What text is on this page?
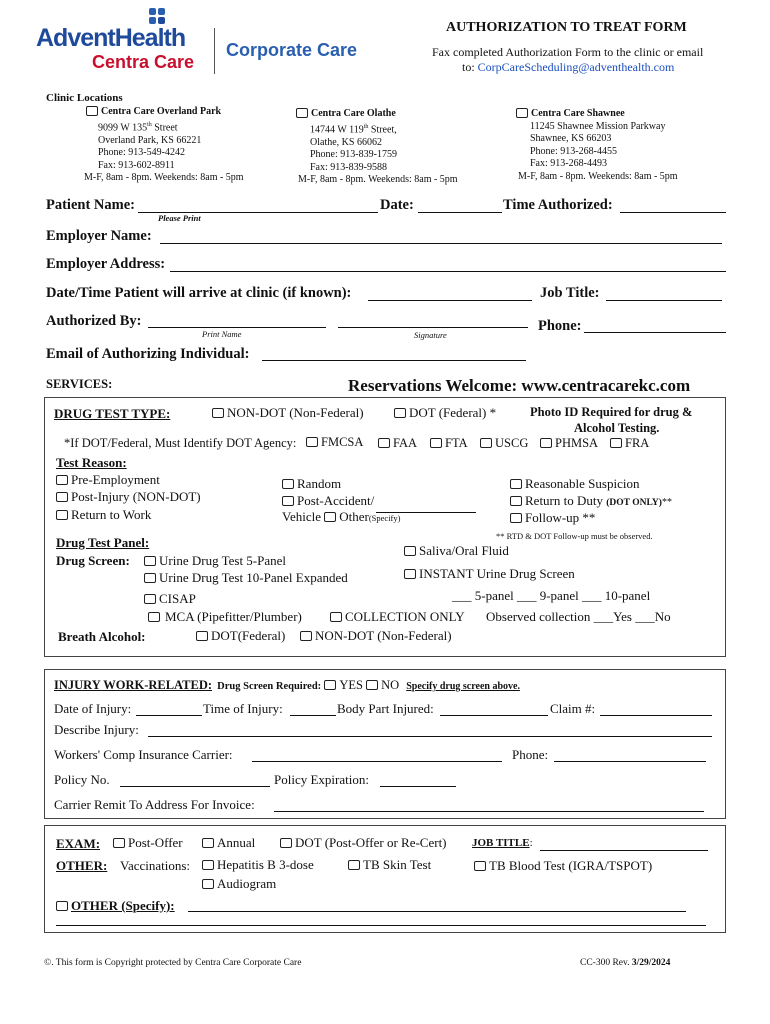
AdventHealth
Centra Care
Corporate Care
AUTHORIZATION TO TREAT FORM
Fax completed Authorization Form to the clinic or email
to: CorpCareScheduling@adventhealth.com
Clinic Locations
Centra Care Overland Park
9099 W 135th Street
Overland Park, KS 66221
Phone: 913-549-4242
Fax: 913-602-8911
M-F, 8am - 8pm. Weekends: 8am - 5pm
Centra Care Olathe
14744 W 119th Street,
Olathe, KS 66062
Phone: 913-839-1759
Fax: 913-839-9588
M-F, 8am - 8pm. Weekends: 8am - 5pm
Centra Care Shawnee
11245 Shawnee Mission Parkway
Shawnee, KS 66203
Phone: 913-268-4455
Fax: 913-268-4493
M-F, 8am - 8pm. Weekends: 8am - 5pm
Patient Name:
Please Print
Date:	Time Authorized:
Employer Name:
Employer Address:
Date/Time Patient will arrive at clinic (if known):	Job Title:
Authorized By:
Print Name	Signature
Phone:
Email of Authorizing Individual:
SERVICES:	Reservations Welcome: www.centracarekc.com
DRUG TEST TYPE:	NON-DOT (Non-Federal)	DOT (Federal) *	Photo ID Required for drug &
Alcohol Testing.
*If DOT/Federal, Must Identify DOT Agency:	FMCSA	FAA	FTA	USCG	PHMSA	FRA
Test Reason:
Pre-Employment
Post-Injury (NON-DOT)
Return to Work
Random
Post-Accident/
Vehicle Other(Specify)
Reasonable Suspicion
Return to Duty (DOT ONLY)**
Follow-up **
** RTD & DOT Follow-up must be observed.
Drug Test Panel:
Drug Screen:	Urine Drug Test 5-Panel
Urine Drug Test 10-Panel Expanded
CISAP
MCA (Pipefitter/Plumber)
Saliva/Oral Fluid
INSTANT Urine Drug Screen
___ 5-panel ___ 9-panel ___ 10-panel
COLLECTION ONLY Observed collection ___Yes ___No
Breath Alcohol:	DOT(Federal)	NON-DOT (Non-Federal)
INJURY WORK-RELATED: Drug Screen Required: YES NO Specify drug screen above.
Date of Injury:	Time of Injury:	Body Part Injured:	Claim #:
Describe Injury:
Workers' Comp Insurance Carrier:	Phone:
Policy No.	Policy Expiration:
Carrier Remit To Address For Invoice:
EXAM:	Post-Offer	Annual	DOT (Post-Offer or Re-Cert) JOB TITLE:
OTHER: Vaccinations:	Hepatitis B 3-dose	TB Skin Test	TB Blood Test (IGRA/TSPOT)
Audiogram
OTHER (Specify):
©. This form is Copyright protected by Centra Care Corporate Care	CC-300 Rev. 3/29/2024
